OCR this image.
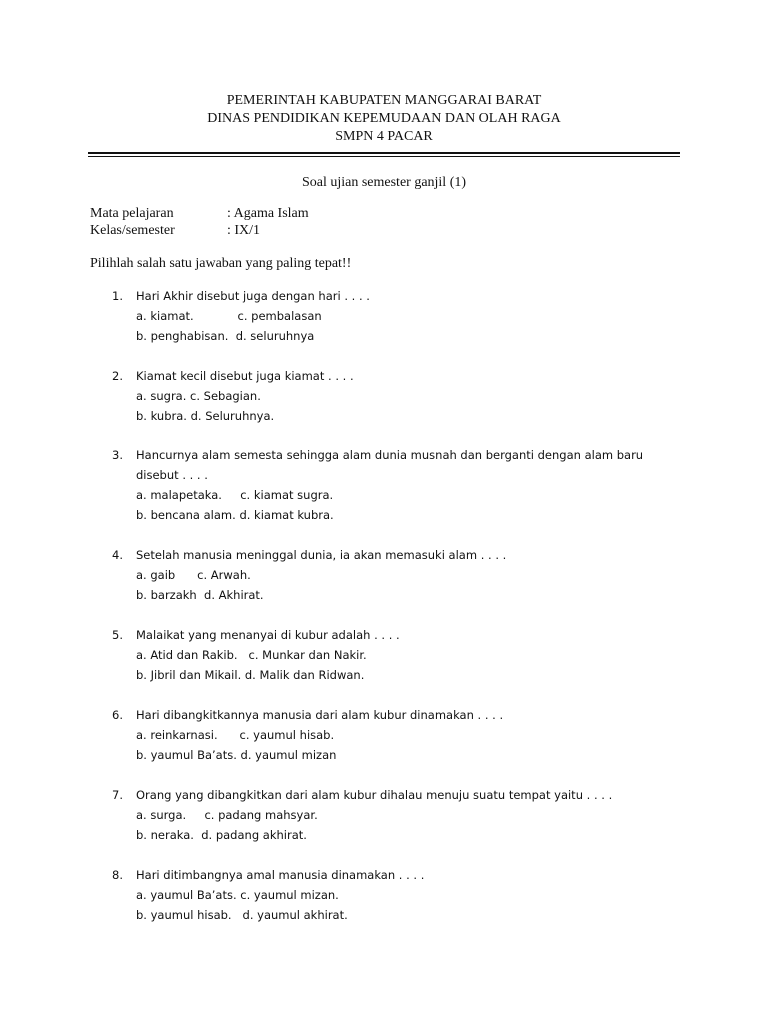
PEMERINTAH KABUPATEN MANGGARAI BARAT
DINAS PENDIDIKAN KEPEMUDAAN DAN OLAH RAGA
SMPN 4 PACAR
Soal ujian semester ganjil (1)
Mata pelajaran	: Agama Islam
Kelas/semester	: IX/1
Pilihlah salah satu jawaban yang paling tepat!!
1.	Hari Akhir disebut juga dengan hari . . . .
a. kiamat.            c. pembalasan
b. penghabisan.  d. seluruhnya
2.	Kiamat kecil disebut juga kiamat . . . .
a. sugra. c. Sebagian.
b. kubra. d. Seluruhnya.
3.	Hancurnya alam semesta sehingga alam dunia musnah dan berganti dengan alam baru disebut . . . .
a. malapetaka.     c. kiamat sugra.
b. bencana alam. d. kiamat kubra.
4.	Setelah manusia meninggal dunia, ia akan memasuki alam . . . .
a. gaib      c. Arwah.
b. barzakh  d. Akhirat.
5.	Malaikat yang menanyai di kubur adalah . . . .
a. Atid dan Rakib.   c. Munkar dan Nakir.
b. Jibril dan Mikail. d. Malik dan Ridwan.
6.	Hari dibangkitkannya manusia dari alam kubur dinamakan . . . .
a. reinkarnasi.      c. yaumul hisab.
b. yaumul Ba’ats. d. yaumul mizan
7.	Orang yang dibangkitkan dari alam kubur dihalau menuju suatu tempat yaitu . . . .
a. surga.     c. padang mahsyar.
b. neraka.  d. padang akhirat.
8.	Hari ditimbangnya amal manusia dinamakan . . . .
a. yaumul Ba’ats. c. yaumul mizan.
b. yaumul hisab.   d. yaumul akhirat.
